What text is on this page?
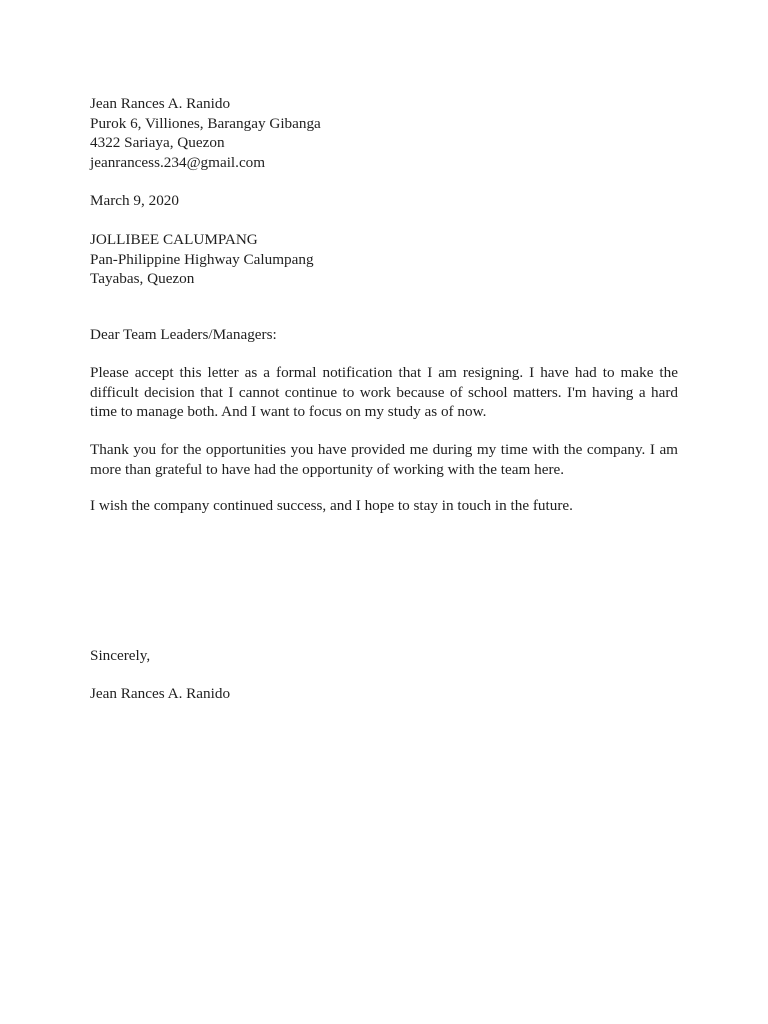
Jean Rances A. Ranido
Purok 6, Villiones, Barangay Gibanga
4322 Sariaya, Quezon
jeanrancess.234@gmail.com
March 9, 2020
JOLLIBEE CALUMPANG
Pan-Philippine Highway Calumpang
Tayabas, Quezon
Dear Team Leaders/Managers:

Please accept this letter as a formal notification that I am resigning. I have had to make the difficult decision that I cannot continue to work because of school matters. I'm having a hard time to manage both. And I want to focus on my study as of now.

Thank you for the opportunities you have provided me during my time with the company. I am more than grateful to have had the opportunity of working with the team here.

I wish the company continued success, and I hope to stay in touch in the future.

Sincerely,
Jean Rances A. Ranido
